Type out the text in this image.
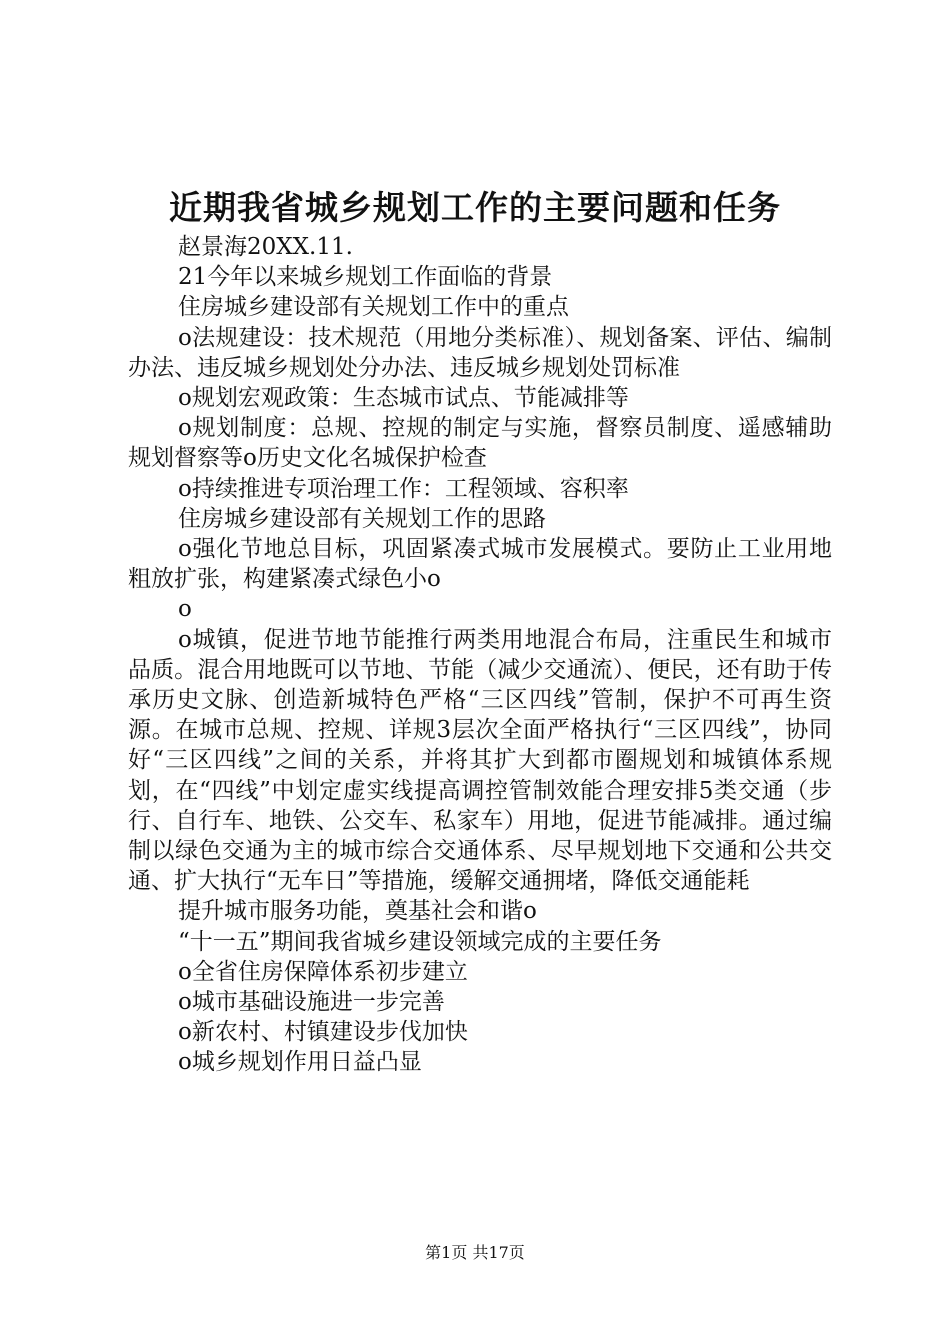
近期我省城乡规划工作的主要问题和任务

赵景海20XX.11.

21今年以来城乡规划工作面临的背景

住房城乡建设部有关规划工作中的重点

o法规建设：技术规范（用地分类标准）、规划备案、评估、编制办法、违反城乡规划处分办法、违反城乡规划处罚标准

o规划宏观政策：生态城市试点、节能减排等

o规划制度：总规、控规的制定与实施，督察员制度、遥感辅助规划督察等o历史文化名城保护检查

o持续推进专项治理工作：工程领域、容积率

住房城乡建设部有关规划工作的思路

o强化节地总目标，巩固紧凑式城市发展模式。要防止工业用地粗放扩张，构建紧凑式绿色小o

o

o城镇，促进节地节能推行两类用地混合布局，注重民生和城市品质。混合用地既可以节地、节能（减少交通流）、便民，还有助于传承历史文脉、创造新城特色严格“三区四线”管制，保护不可再生资源。在城市总规、控规、详规3层次全面严格执行“三区四线”，协同好“三区四线”之间的关系，并将其扩大到都市圈规划和城镇体系规划，在“四线”中划定虚实线提高调控管制效能合理安排5类交通（步行、自行车、地铁、公交车、私家车）用地，促进节能减排。通过编制以绿色交通为主的城市综合交通体系、尽早规划地下交通和公共交通、扩大执行“无车日”等措施，缓解交通拥堵，降低交通能耗

提升城市服务功能，奠基社会和谐o

“十一五”期间我省城乡建设领域完成的主要任务

o全省住房保障体系初步建立

o城市基础设施进一步完善

o新农村、村镇建设步伐加快

o城乡规划作用日益凸显

第1页 共17页
